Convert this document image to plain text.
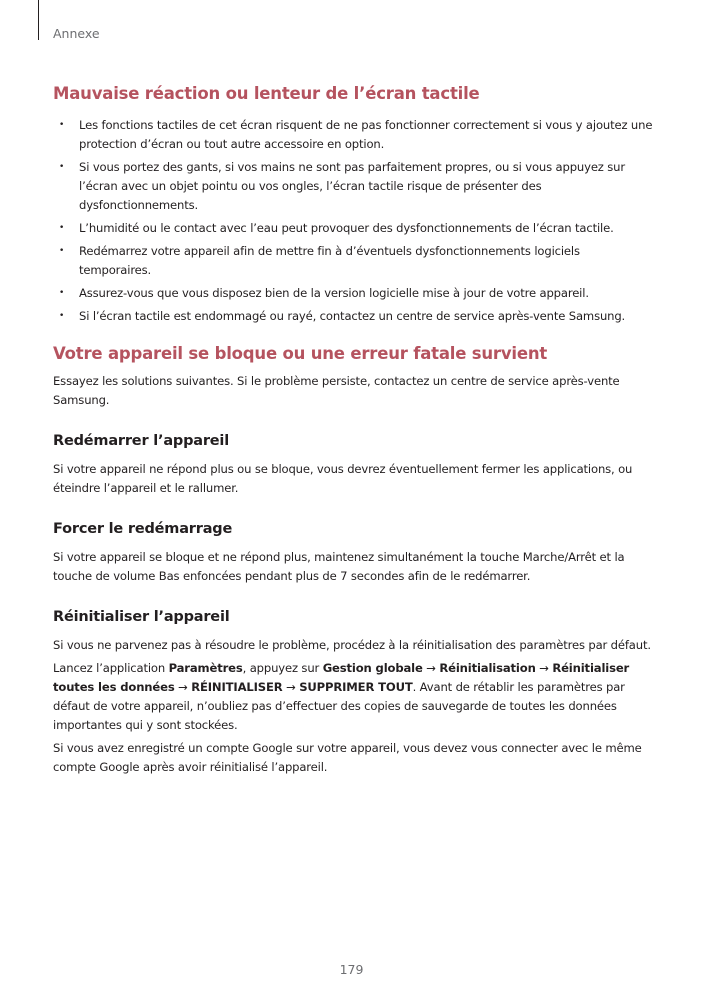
Annexe
Mauvaise réaction ou lenteur de l’écran tactile
• Les fonctions tactiles de cet écran risquent de ne pas fonctionner correctement si vous y ajoutez une protection d’écran ou tout autre accessoire en option.
• Si vous portez des gants, si vos mains ne sont pas parfaitement propres, ou si vous appuyez sur l’écran avec un objet pointu ou vos ongles, l’écran tactile risque de présenter des dysfonctionnements.
• L’humidité ou le contact avec l’eau peut provoquer des dysfonctionnements de l’écran tactile.
• Redémarrez votre appareil afin de mettre fin à d’éventuels dysfonctionnements logiciels temporaires.
• Assurez-vous que vous disposez bien de la version logicielle mise à jour de votre appareil.
• Si l’écran tactile est endommagé ou rayé, contactez un centre de service après-vente Samsung.
Votre appareil se bloque ou une erreur fatale survient

Essayez les solutions suivantes. Si le problème persiste, contactez un centre de service après-vente Samsung.

Redémarrer l’appareil

Si votre appareil ne répond plus ou se bloque, vous devrez éventuellement fermer les applications, ou éteindre l’appareil et le rallumer.

Forcer le redémarrage

Si votre appareil se bloque et ne répond plus, maintenez simultanément la touche Marche/Arrêt et la touche de volume Bas enfoncées pendant plus de 7 secondes afin de le redémarrer.

Réinitialiser l’appareil

Si vous ne parvenez pas à résoudre le problème, procédez à la réinitialisation des paramètres par défaut.

Lancez l’application Paramètres, appuyez sur Gestion globale → Réinitialisation → Réinitialiser toutes les données → RÉINITIALISER → SUPPRIMER TOUT. Avant de rétablir les paramètres par défaut de votre appareil, n’oubliez pas d’effectuer des copies de sauvegarde de toutes les données importantes qui y sont stockées.

Si vous avez enregistré un compte Google sur votre appareil, vous devez vous connecter avec le même compte Google après avoir réinitialisé l’appareil.

179
